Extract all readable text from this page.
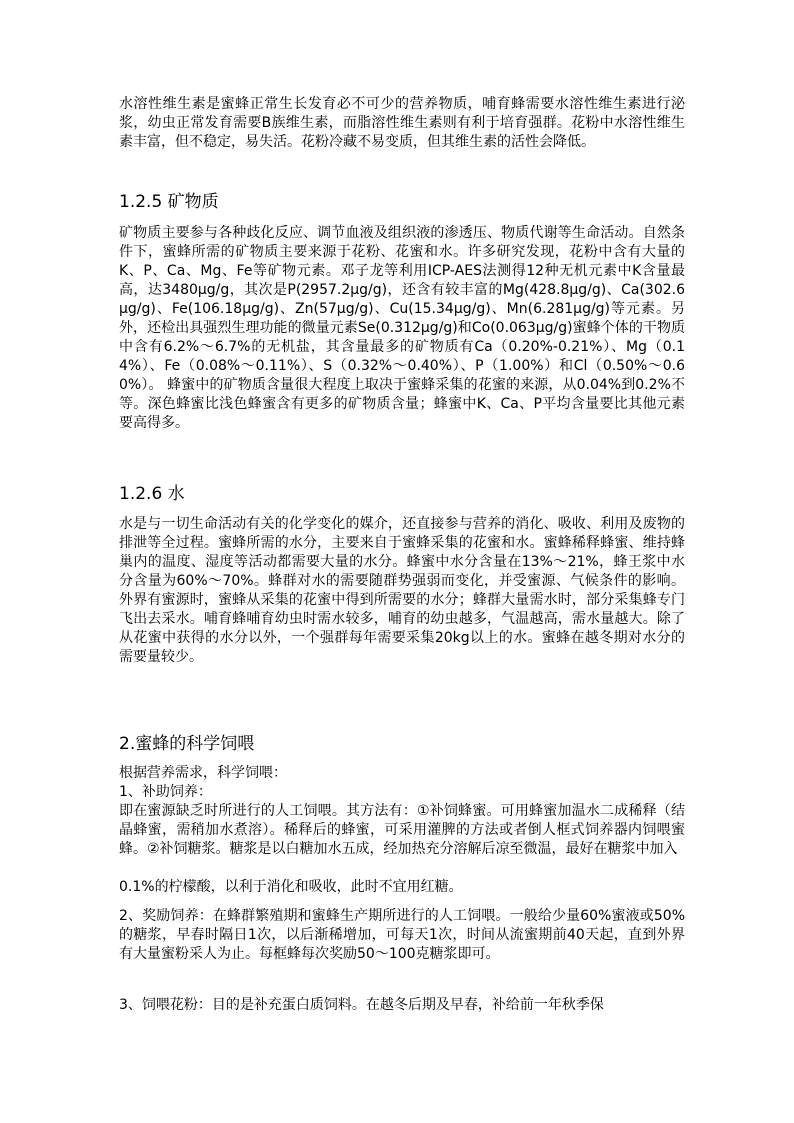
水溶性维生素是蜜蜂正常生长发育必不可少的营养物质，哺育蜂需要水溶性维生素进行泌浆，幼虫正常发育需要B族维生素，而脂溶性维生素则有利于培育强群。花粉中水溶性维生素丰富，但不稳定，易失活。花粉冷藏不易变质，但其维生素的活性会降低。

1.2.5 矿物质

矿物质主要参与各种歧化反应、调节血液及组织液的渗透压、物质代谢等生命活动。自然条件下，蜜蜂所需的矿物质主要来源于花粉、花蜜和水。许多研究发现，花粉中含有大量的K、P、Ca、Mg、Fe等矿物元素。邓子龙等利用ICP-AES法测得12种无机元素中K含量最高，达3480μg/g，其次是P(2957.2μg/g)，还含有较丰富的Mg(428.8μg/g)、Ca(302.6μg/g)、Fe(106.18μg/g)、Zn(57μg/g)、Cu(15.34μg/g)、Mn(6.281μg/g)等元素。另外，还检出具强烈生理功能的微量元素Se(0.312μg/g)和Co(0.063μg/g)蜜蜂个体的干物质中含有6.2%～6.7%的无机盐，其含量最多的矿物质有Ca（0.20%-0.21%）、Mg（0.14%）、Fe（0.08%～0.11%）、S（0.32%～0.40%）、P（1.00%）和Cl（0.50%～0.60%）。 蜂蜜中的矿物质含量很大程度上取决于蜜蜂采集的花蜜的来源，从0.04%到0.2%不等。深色蜂蜜比浅色蜂蜜含有更多的矿物质含量；蜂蜜中K、Ca、P平均含量要比其他元素要高得多。

1.2.6 水

水是与一切生命活动有关的化学变化的媒介，还直接参与营养的消化、吸收、利用及废物的排泄等全过程。蜜蜂所需的水分，主要来自于蜜蜂采集的花蜜和水。蜜蜂稀释蜂蜜、维持蜂巢内的温度、湿度等活动都需要大量的水分。蜂蜜中水分含量在13%～21%，蜂王浆中水分含量为60%～70%。蜂群对水的需要随群势强弱而变化，并受蜜源、气候条件的影响。外界有蜜源时，蜜蜂从采集的花蜜中得到所需要的水分；蜂群大量需水时，部分采集蜂专门飞出去采水。哺育蜂哺育幼虫时需水较多，哺育的幼虫越多，气温越高，需水量越大。除了从花蜜中获得的水分以外，一个强群每年需要采集20kg以上的水。蜜蜂在越冬期对水分的需要量较少。

2.蜜蜂的科学饲喂

根据营养需求，科学饲喂：

1、补助饲养：

即在蜜源缺乏时所进行的人工饲喂。其方法有：①补饲蜂蜜。可用蜂蜜加温水二成稀释（结晶蜂蜜，需稍加水煮溶）。稀释后的蜂蜜，可采用灌脾的方法或者倒人框式饲养器内饲喂蜜蜂。②补饲糖浆。糖浆是以白糖加水五成，经加热充分溶解后凉至微温，最好在糖浆中加入

0.1%的柠檬酸，以利于消化和吸收，此时不宜用红糖。

2、奖励饲养：在蜂群繁殖期和蜜蜂生产期所进行的人工饲喂。一般给少量60%蜜液或50%的糖浆，早春时隔日1次，以后渐稀增加，可每天1次，时间从流蜜期前40天起，直到外界有大量蜜粉采人为止。每框蜂每次奖励50～100克糖浆即可。

3、饲喂花粉：目的是补充蛋白质饲料。在越冬后期及早春，补给前一年秋季保
